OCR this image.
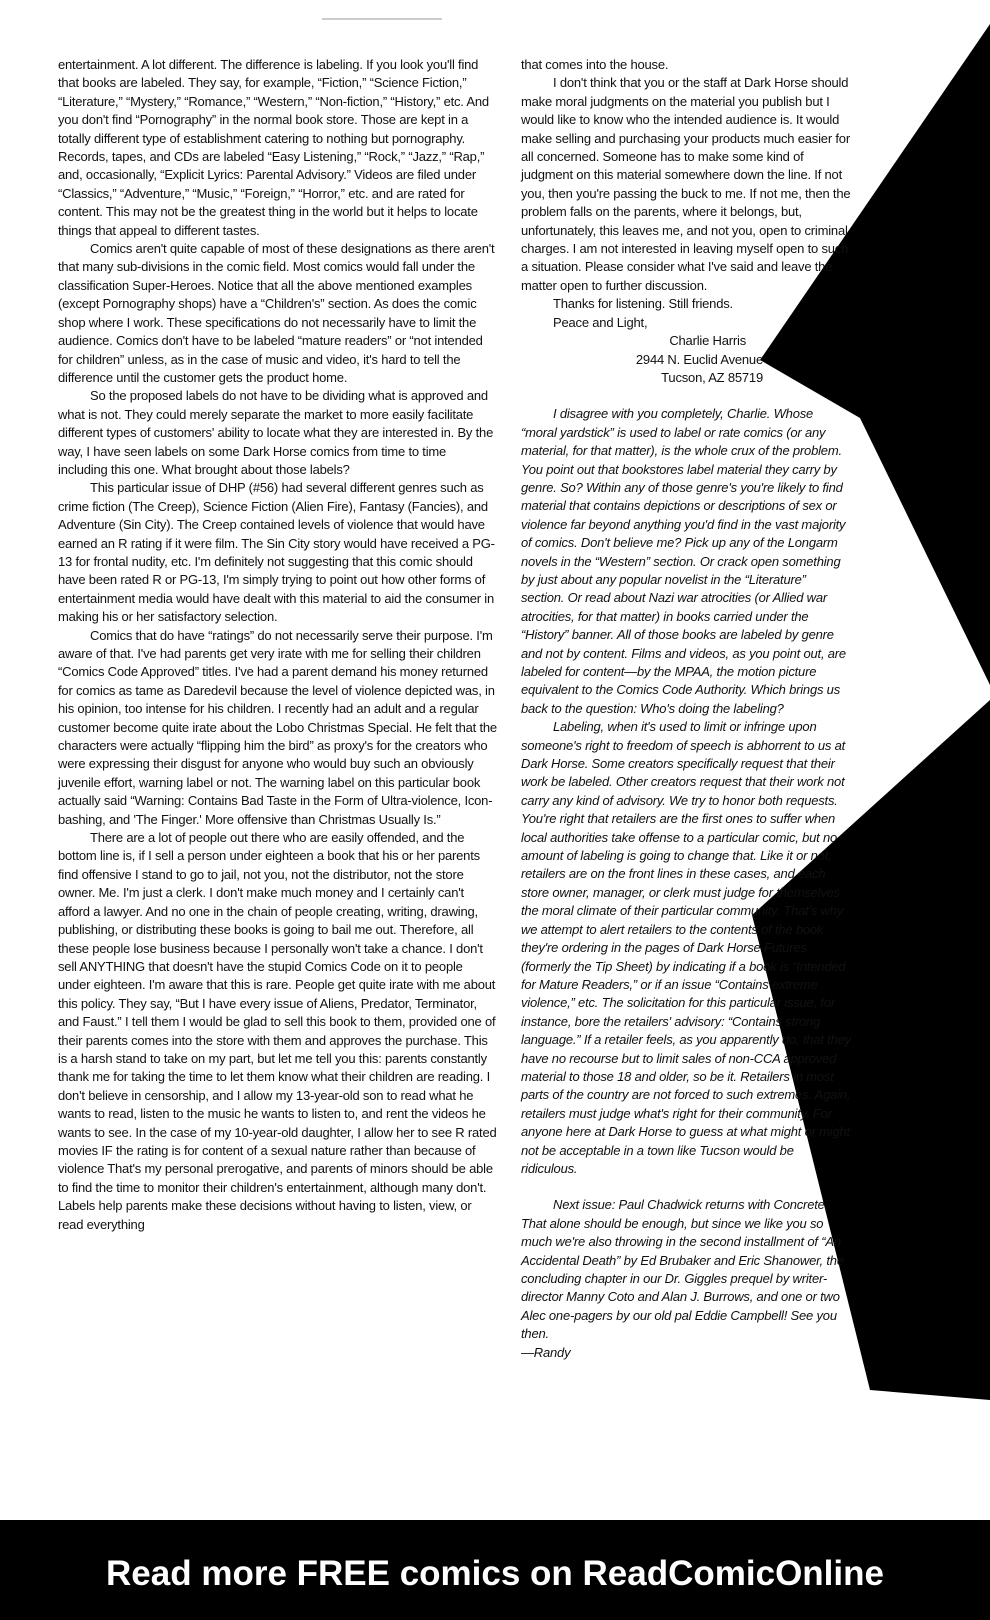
entertainment. A lot different. The difference is labeling. If you look you'll find that books are labeled. They say, for example, “Fiction,” “Science Fiction,” “Literature,” “Mystery,” “Romance,” “Western,” “Non-fiction,” “History,” etc. And you don't find “Pornography” in the normal book store. Those are kept in a totally different type of establishment catering to nothing but pornography. Records, tapes, and CDs are labeled “Easy Listening,” “Rock,” “Jazz,” “Rap,” and, occasionally, “Explicit Lyrics: Parental Advisory.” Videos are filed under “Classics,” “Adventure,” “Music,” “Foreign,” “Horror,” etc. and are rated for content. This may not be the greatest thing in the world but it helps to locate things that appeal to different tastes.

Comics aren't quite capable of most of these designations as there aren't that many sub-divisions in the comic field. Most comics would fall under the classification Super-Heroes. Notice that all the above mentioned examples (except Pornography shops) have a “Children's” section. As does the comic shop where I work. These specifications do not necessarily have to limit the audience. Comics don't have to be labeled “mature readers” or “not intended for children” unless, as in the case of music and video, it's hard to tell the difference until the customer gets the product home.

So the proposed labels do not have to be dividing what is approved and what is not. They could merely separate the market to more easily facilitate different types of customers' ability to locate what they are interested in. By the way, I have seen labels on some Dark Horse comics from time to time including this one. What brought about those labels?

This particular issue of DHP (#56) had several different genres such as crime fiction (The Creep), Science Fiction (Alien Fire), Fantasy (Fancies), and Adventure (Sin City). The Creep contained levels of violence that would have earned an R rating if it were film. The Sin City story would have received a PG-13 for frontal nudity, etc. I'm definitely not suggesting that this comic should have been rated R or PG-13, I'm simply trying to point out how other forms of entertainment media would have dealt with this material to aid the consumer in making his or her satisfactory selection.

Comics that do have “ratings” do not necessarily serve their purpose. I'm aware of that. I've had parents get very irate with me for selling their children “Comics Code Approved” titles. I've had a parent demand his money returned for comics as tame as Daredevil because the level of violence depicted was, in his opinion, too intense for his children. I recently had an adult and a regular customer become quite irate about the Lobo Christmas Special. He felt that the characters were actually “flipping him the bird” as proxy's for the creators who were expressing their disgust for anyone who would buy such an obviously juvenile effort, warning label or not. The warning label on this particular book actually said “Warning: Contains Bad Taste in the Form of Ultra-violence, Icon-bashing, and 'The Finger.' More offensive than Christmas Usually Is.”

There are a lot of people out there who are easily offended, and the bottom line is, if I sell a person under eighteen a book that his or her parents find offensive I stand to go to jail, not you, not the distributor, not the store owner. Me. I'm just a clerk. I don't make much money and I certainly can't afford a lawyer. And no one in the chain of people creating, writing, drawing, publishing, or distributing these books is going to bail me out. Therefore, all these people lose business because I personally won't take a chance. I don't sell ANYTHING that doesn't have the stupid Comics Code on it to people under eighteen. I'm aware that this is rare. People get quite irate with me about this policy. They say, “But I have every issue of Aliens, Predator, Terminator, and Faust.” I tell them I would be glad to sell this book to them, provided one of their parents comes into the store with them and approves the purchase. This is a harsh stand to take on my part, but let me tell you this: parents constantly thank me for taking the time to let them know what their children are reading. I don't believe in censorship, and I allow my 13-year-old son to read what he wants to read, listen to the music he wants to listen to, and rent the videos he wants to see. In the case of my 10-year-old daughter, I allow her to see R rated movies IF the rating is for content of a sexual nature rather than because of violence That's my personal prerogative, and parents of minors should be able to find the time to monitor their children's entertainment, although many don't. Labels help parents make these decisions without having to listen, view, or read everything

that comes into the house.

I don't think that you or the staff at Dark Horse should make moral judgments on the material you publish but I would like to know who the intended audience is. It would make selling and purchasing your products much easier for all concerned. Someone has to make some kind of judgment on this material somewhere down the line. If not you, then you're passing the buck to me. If not me, then the problem falls on the parents, where it belongs, but, unfortunately, this leaves me, and not you, open to criminal charges. I am not interested in leaving myself open to such a situation. Please consider what I've said and leave the matter open to further discussion.

Thanks for listening. Still friends.

Peace and Light,

Charlie Harris
2944 N. Euclid Avenue
Tucson, AZ 85719

I disagree with you completely, Charlie. Whose “moral yardstick” is used to label or rate comics (or any material, for that matter), is the whole crux of the problem. You point out that bookstores label material they carry by genre. So? Within any of those genre's you're likely to find material that contains depictions or descriptions of sex or violence far beyond anything you'd find in the vast majority of comics. Don't believe me? Pick up any of the Longarm novels in the “Western” section. Or crack open something by just about any popular novelist in the “Literature” section. Or read about Nazi war atrocities (or Allied war atrocities, for that matter) in books carried under the “History” banner. All of those books are labeled by genre and not by content. Films and videos, as you point out, are labeled for content—by the MPAA, the motion picture equivalent to the Comics Code Authority. Which brings us back to the question: Who's doing the labeling?

Labeling, when it's used to limit or infringe upon someone's right to freedom of speech is abhorrent to us at Dark Horse. Some creators specifically request that their work be labeled. Other creators request that their work not carry any kind of advisory. We try to honor both requests. You're right that retailers are the first ones to suffer when local authorities take offense to a particular comic, but no amount of labeling is going to change that. Like it or not, retailers are on the front lines in these cases, and each store owner, manager, or clerk must judge for themselves the moral climate of their particular community. That's why we attempt to alert retailers to the contents of the book they're ordering in the pages of Dark Horse Futures (formerly the Tip Sheet) by indicating if a book is “Intended for Mature Readers,” or if an issue “Contains extreme violence,” etc. The solicitation for this particular issue, for instance, bore the retailers' advisory: “Contains strong language.” If a retailer feels, as you apparently do, that they have no recourse but to limit sales of non-CCA approved material to those 18 and older, so be it. Retailers in most parts of the country are not forced to such extremes. Again, retailers must judge what's right for their community. For anyone here at Dark Horse to guess at what might or might not be acceptable in a town like Tucson would be ridiculous.

Next issue: Paul Chadwick returns with Concrete. That alone should be enough, but since we like you so much we're also throwing in the second installment of “An Accidental Death” by Ed Brubaker and Eric Shanower, the concluding chapter in our Dr. Giggles prequel by writer-director Manny Coto and Alan J. Burrows, and one or two Alec one-pagers by our old pal Eddie Campbell! See you then.

—Randy

Read more FREE comics on ReadComicOnline
